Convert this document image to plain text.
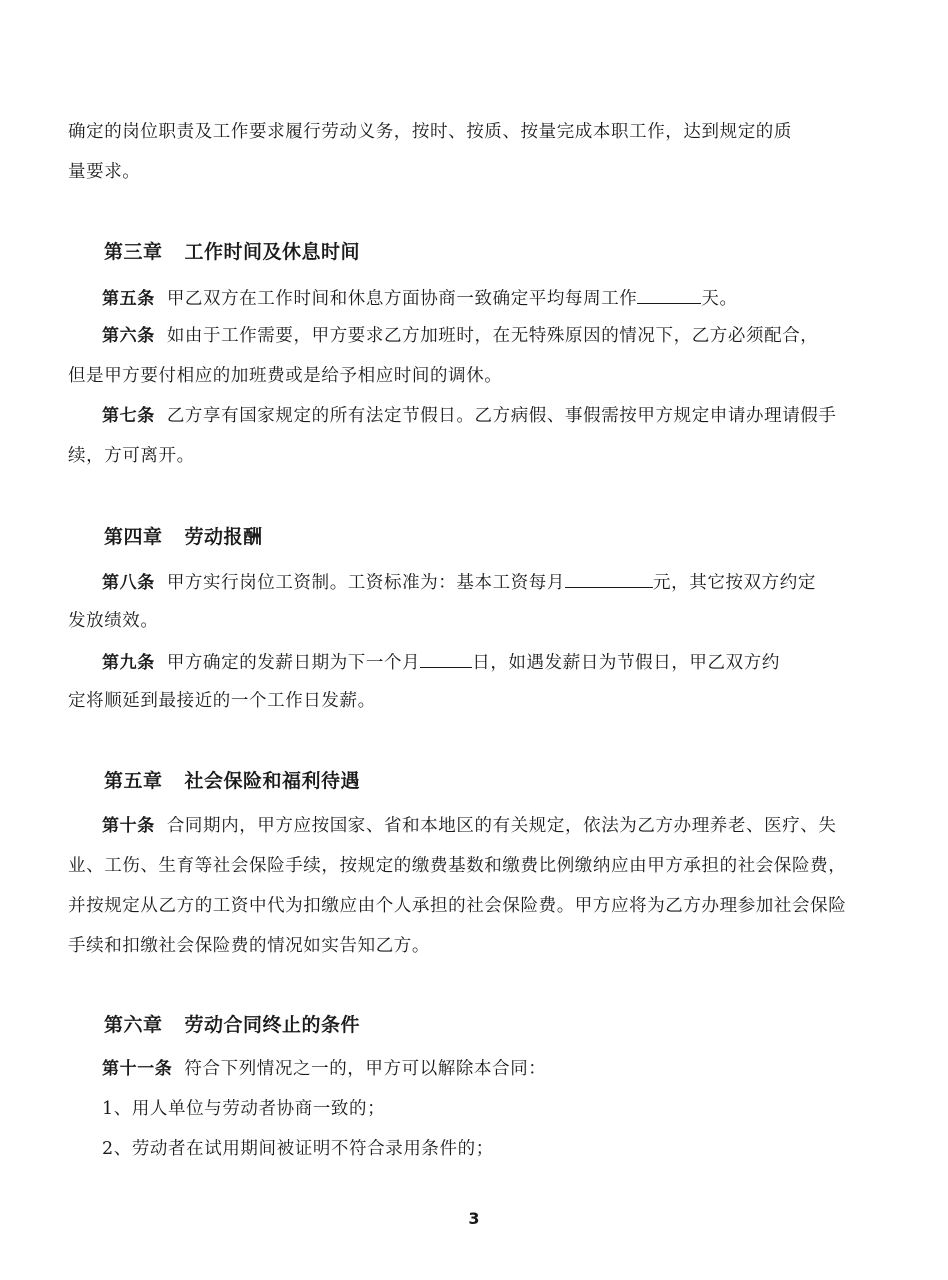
确定的岗位职责及工作要求履行劳动义务，按时、按质、按量完成本职工作，达到规定的质
量要求。
第三章 工作时间及休息时间
第五条 甲乙双方在工作时间和休息方面协商一致确定平均每周工作	天。
第六条 如由于工作需要，甲方要求乙方加班时，在无特殊原因的情况下，乙方必须配合，
但是甲方要付相应的加班费或是给予相应时间的调休。
第七条 乙方享有国家规定的所有法定节假日。乙方病假、事假需按甲方规定申请办理请假手
续，方可离开。
第四章 劳动报酬
第八条 甲方实行岗位工资制。工资标准为：基本工资每月	元，其它按双方约定
发放绩效。
第九条 甲方确定的发薪日期为下一个月	日，如遇发薪日为节假日，甲乙双方约
定将顺延到最接近的一个工作日发薪。
第五章 社会保险和福利待遇
第十条 合同期内，甲方应按国家、省和本地区的有关规定，依法为乙方办理养老、医疗、失
业、工伤、生育等社会保险手续，按规定的缴费基数和缴费比例缴纳应由甲方承担的社会保险费，
并按规定从乙方的工资中代为扣缴应由个人承担的社会保险费。甲方应将为乙方办理参加社会保险
手续和扣缴社会保险费的情况如实告知乙方。
第六章 劳动合同终止的条件
第十一条 符合下列情况之一的，甲方可以解除本合同：
1、用人单位与劳动者协商一致的；
2、劳动者在试用期间被证明不符合录用条件的；
3
